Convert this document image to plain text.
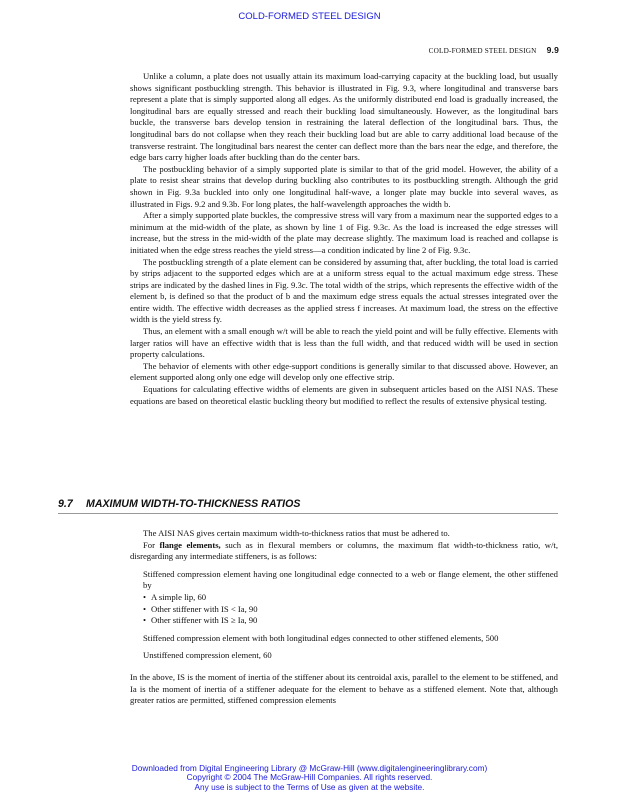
COLD-FORMED STEEL DESIGN
COLD-FORMED STEEL DESIGN 9.9

Unlike a column, a plate does not usually attain its maximum load-carrying capacity at the buckling load, but usually shows significant postbuckling strength. This behavior is illustrated in Fig. 9.3, where longitudinal and transverse bars represent a plate that is simply supported along all edges. As the uniformly distributed end load is gradually increased, the longitudinal bars are equally stressed and reach their buckling load simultaneously. However, as the longitudinal bars buckle, the transverse bars develop tension in restraining the lateral deflection of the longitudinal bars. Thus, the longitudinal bars do not collapse when they reach their buckling load but are able to carry additional load because of the transverse restraint. The longitudinal bars nearest the center can deflect more than the bars near the edge, and therefore, the edge bars carry higher loads after buckling than do the center bars.

The postbuckling behavior of a simply supported plate is similar to that of the grid model. However, the ability of a plate to resist shear strains that develop during buckling also contributes to its postbuckling strength. Although the grid shown in Fig. 9.3a buckled into only one longitudinal half-wave, a longer plate may buckle into several waves, as illustrated in Figs. 9.2 and 9.3b. For long plates, the half-wavelength approaches the width b.

After a simply supported plate buckles, the compressive stress will vary from a maximum near the supported edges to a minimum at the mid-width of the plate, as shown by line 1 of Fig. 9.3c. As the load is increased the edge stresses will increase, but the stress in the mid-width of the plate may decrease slightly. The maximum load is reached and collapse is initiated when the edge stress reaches the yield stress—a condition indicated by line 2 of Fig. 9.3c.

The postbuckling strength of a plate element can be considered by assuming that, after buckling, the total load is carried by strips adjacent to the supported edges which are at a uniform stress equal to the actual maximum edge stress. These strips are indicated by the dashed lines in Fig. 9.3c. The total width of the strips, which represents the effective width of the element b, is defined so that the product of b and the maximum edge stress equals the actual stresses integrated over the entire width. The effective width decreases as the applied stress f increases. At maximum load, the stress on the effective width is the yield stress fy.

Thus, an element with a small enough w/t will be able to reach the yield point and will be fully effective. Elements with larger ratios will have an effective width that is less than the full width, and that reduced width will be used in section property calculations.

The behavior of elements with other edge-support conditions is generally similar to that discussed above. However, an element supported along only one edge will develop only one effective strip.

Equations for calculating effective widths of elements are given in subsequent articles based on the AISI NAS. These equations are based on theoretical elastic buckling theory but modified to reflect the results of extensive physical testing.

9.7 MAXIMUM WIDTH-TO-THICKNESS RATIOS

The AISI NAS gives certain maximum width-to-thickness ratios that must be adhered to.

For flange elements, such as in flexural members or columns, the maximum flat width-to-thickness ratio, w/t, disregarding any intermediate stiffeners, is as follows:

Stiffened compression element having one longitudinal edge connected to a web or flange element, the other stiffened by
• A simple lip, 60
• Other stiffener with IS < Ia, 90
• Other stiffener with IS ≥ Ia, 90
Stiffened compression element with both longitudinal edges connected to other stiffened elements, 500
Unstiffened compression element, 60

In the above, IS is the moment of inertia of the stiffener about its centroidal axis, parallel to the element to be stiffened, and Ia is the moment of inertia of a stiffener adequate for the element to behave as a stiffened element. Note that, although greater ratios are permitted, stiffened compression elements

Downloaded from Digital Engineering Library @ McGraw-Hill (www.digitalengineeringlibrary.com)
Copyright © 2004 The McGraw-Hill Companies. All rights reserved.
Any use is subject to the Terms of Use as given at the website.
